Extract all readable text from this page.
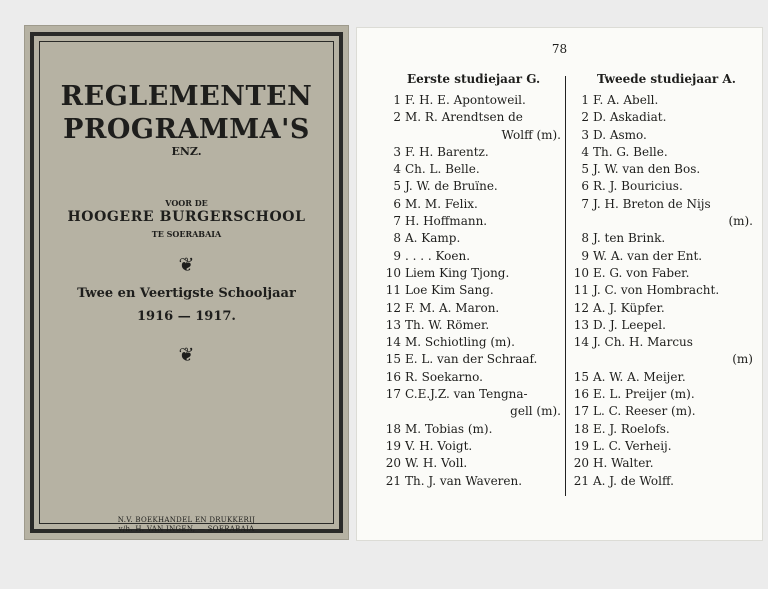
REGLEMENTEN
PROGRAMMA'S
ENZ.
VOOR DE
HOOGERE BURGERSCHOOL
TE SOERABAIA
❦
Twee en Veertigste Schooljaar
1916 — 1917.
❦
N.V. BOEKHANDEL EN DRUKKERIJ
v/h. H. VAN INGEN, — SOERABAIA
78
Eerste studiejaar G.	Tweede studiejaar A.
1 F. H. E. Apontoweil.
2 M. R. Arendtsen de
Wolff (m).
3 F. H. Barentz.
4 Ch. L. Belle.
5 J. W. de Bruïne.
6 M. M. Felix.
7 H. Hoffmann.
8 A. Kamp.
9 . . . . Koen.
10 Liem King Tjong.
11 Loe Kim Sang.
12 F. M. A. Maron.
13 Th. W. Römer.
14 M. Schiotling (m).
15 E. L. van der Schraaf.
16 R. Soekarno.
17 C.E.J.Z. van Tengna-
gell (m).
18 M. Tobias (m).
19 V. H. Voigt.
20 W. H. Voll.
21 Th. J. van Waveren.
1 F. A. Abell.
2 D. Askadiat.
3 D. Asmo.
4 Th. G. Belle.
5 J. W. van den Bos.
6 R. J. Bouricius.
7 J. H. Breton de Nijs
(m).
8 J. ten Brink.
9 W. A. van der Ent.
10 E. G. von Faber.
11 J. C. von Hombracht.
12 A. J. Küpfer.
13 D. J. Leepel.
14 J. Ch. H. Marcus
(m)
15 A. W. A. Meijer.
16 E. L. Preijer (m).
17 L. C. Reeser (m).
18 E. J. Roelofs.
19 L. C. Verheij.
20 H. Walter.
21 A. J. de Wolff.
